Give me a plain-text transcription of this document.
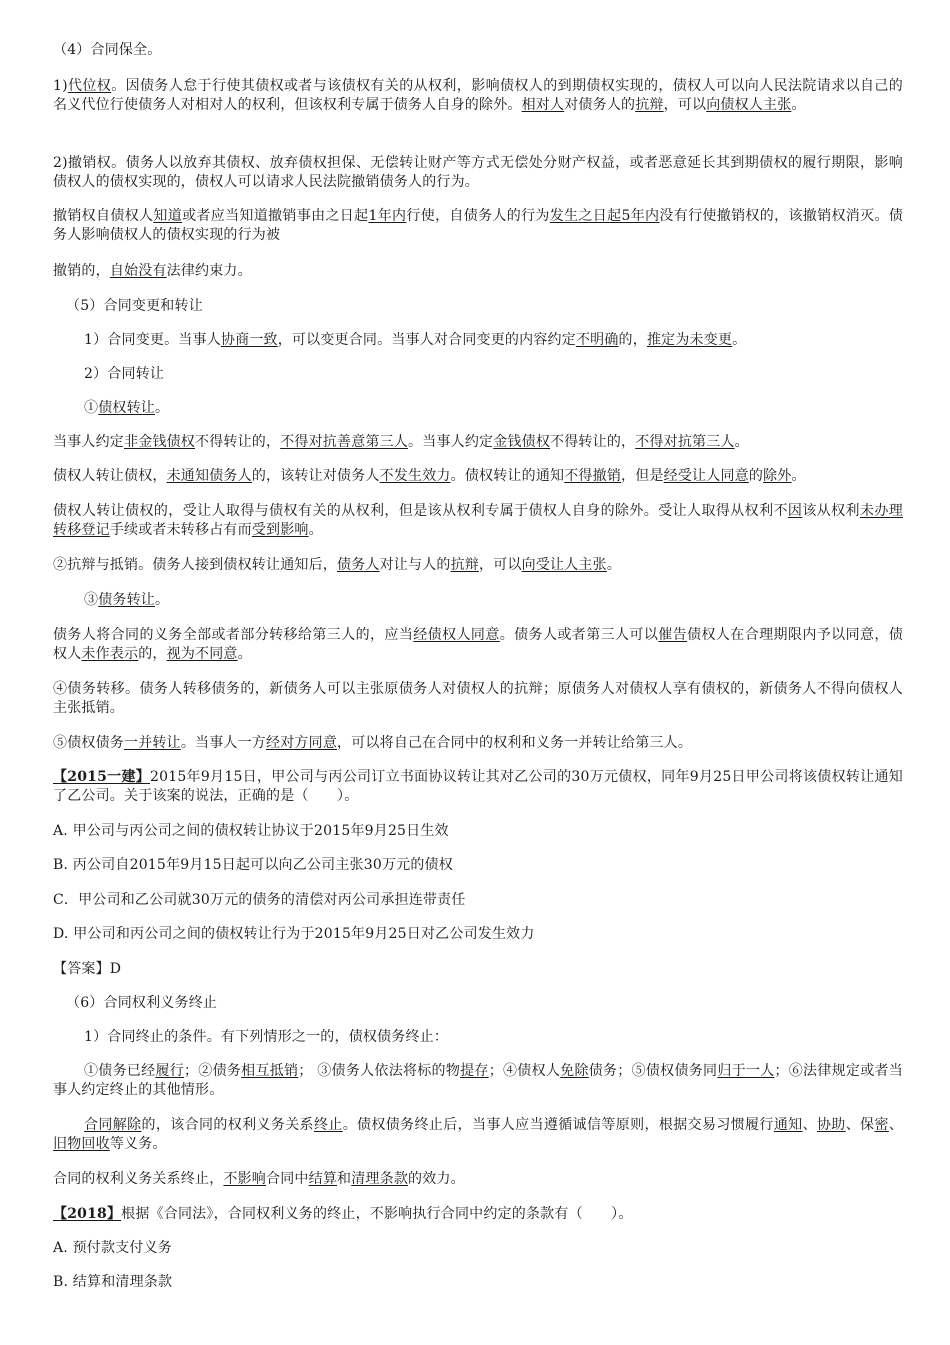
（4）合同保全。

1)代位权。因债务人怠于行使其债权或者与该债权有关的从权利，影响债权人的到期债权实现的，债权人可以向人民法院请求以自己的名义代位行使债务人对相对人的权利，但该权利专属于债务人自身的除外。相对人对债务人的抗辩，可以向债权人主张。

2)撤销权。债务人以放弃其债权、放弃债权担保、无偿转让财产等方式无偿处分财产权益，或者恶意延长其到期债权的履行期限，影响债权人的债权实现的，债权人可以请求人民法院撤销债务人的行为。

撤销权自债权人知道或者应当知道撤销事由之日起1年内行使，自债务人的行为发生之日起5年内没有行使撤销权的，该撤销权消灭。债务人影响债权人的债权实现的行为被

撤销的，自始没有法律约束力。

（5）合同变更和转让

1）合同变更。当事人协商一致，可以变更合同。当事人对合同变更的内容约定不明确的，推定为未变更。

2）合同转让

①债权转让。

当事人约定非金钱债权不得转让的，不得对抗善意第三人。当事人约定金钱债权不得转让的，不得对抗第三人。

债权人转让债权，未通知债务人的，该转让对债务人不发生效力。债权转让的通知不得撤销，但是经受让人同意的除外。

债权人转让债权的，受让人取得与债权有关的从权利，但是该从权利专属于债权人自身的除外。受让人取得从权利不因该从权利未办理转移登记手续或者未转移占有而受到影响。

②抗辩与抵销。债务人接到债权转让通知后，债务人对让与人的抗辩，可以向受让人主张。

③债务转让。

债务人将合同的义务全部或者部分转移给第三人的，应当经债权人同意。债务人或者第三人可以催告债权人在合理期限内予以同意，债权人未作表示的，视为不同意。

④债务转移。债务人转移债务的，新债务人可以主张原债务人对债权人的抗辩；原债务人对债权人享有债权的，新债务人不得向债权人主张抵销。

⑤债权债务一并转让。当事人一方经对方同意，可以将自己在合同中的权利和义务一并转让给第三人。

【2015一建】2015年9月15日，甲公司与丙公司订立书面协议转让其对乙公司的30万元债权，同年9月25日甲公司将该债权转让通知了乙公司。关于该案的说法，正确的是（　　）。

A. 甲公司与丙公司之间的债权转让协议于2015年9月25日生效

B. 丙公司自2015年9月15日起可以向乙公司主张30万元的债权

C．甲公司和乙公司就30万元的债务的清偿对丙公司承担连带责任

D. 甲公司和丙公司之间的债权转让行为于2015年9月25日对乙公司发生效力

【答案】D

（6）合同权利义务终止

1）合同终止的条件。有下列情形之一的，债权债务终止：

①债务已经履行；②债务相互抵销； ③债务人依法将标的物提存；④债权人免除债务；⑤债权债务同归于一人；⑥法律规定或者当事人约定终止的其他情形。

合同解除的，该合同的权利义务关系终止。债权债务终止后，当事人应当遵循诚信等原则，根据交易习惯履行通知、协助、保密、旧物回收等义务。

合同的权利义务关系终止，不影响合同中结算和清理条款的效力。

【2018】根据《合同法》，合同权利义务的终止，不影响执行合同中约定的条款有（　　）。

A. 预付款支付义务

B. 结算和清理条款
